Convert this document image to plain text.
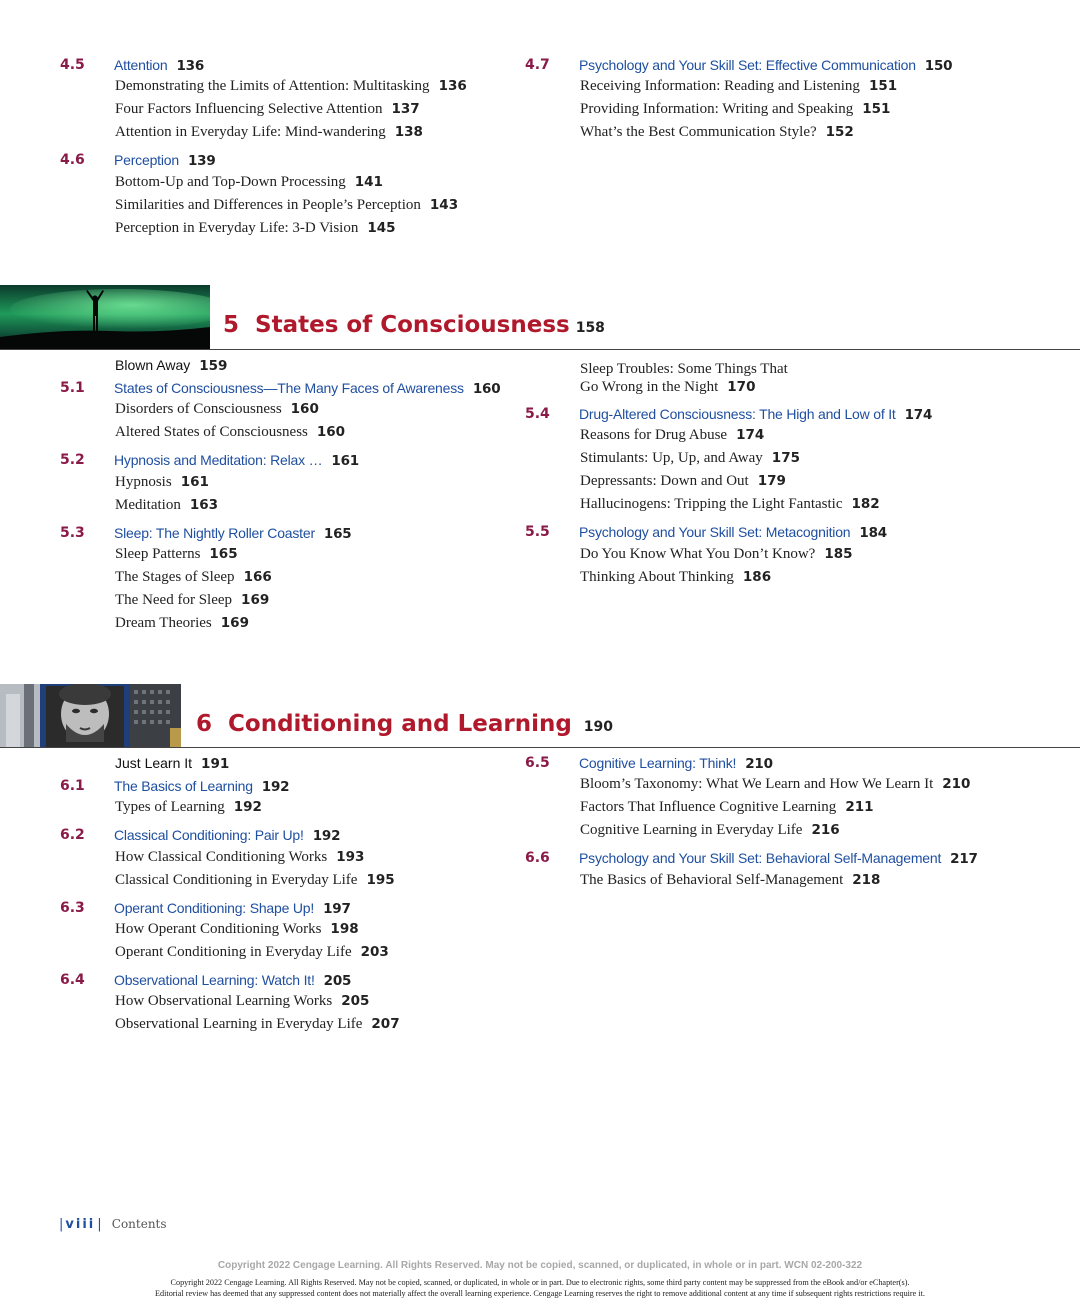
4.5 Attention 136
Demonstrating the Limits of Attention: Multitasking 136
Four Factors Influencing Selective Attention 137
Attention in Everyday Life: Mind-wandering 138
4.6 Perception 139
Bottom-Up and Top-Down Processing 141
Similarities and Differences in People’s Perception 143
Perception in Everyday Life: 3-D Vision 145
4.7 Psychology and Your Skill Set: Effective Communication 150
Receiving Information: Reading and Listening 151
Providing Information: Writing and Speaking 151
What’s the Best Communication Style? 152
5 States of Consciousness 158
Blown Away 159
5.1 States of Consciousness—The Many Faces of Awareness 160
Disorders of Consciousness 160
Altered States of Consciousness 160
5.2 Hypnosis and Meditation: Relax … 161
Hypnosis 161
Meditation 163
5.3 Sleep: The Nightly Roller Coaster 165
Sleep Patterns 165
The Stages of Sleep 166
The Need for Sleep 169
Dream Theories 169
Sleep Troubles: Some Things That
Go Wrong in the Night 170
5.4 Drug-Altered Consciousness: The High and Low of It 174
Reasons for Drug Abuse 174
Stimulants: Up, Up, and Away 175
Depressants: Down and Out 179
Hallucinogens: Tripping the Light Fantastic 182
5.5 Psychology and Your Skill Set: Metacognition 184
Do You Know What You Don’t Know? 185
Thinking About Thinking 186
6 Conditioning and Learning 190
Just Learn It 191
6.1 The Basics of Learning 192
Types of Learning 192
6.2 Classical Conditioning: Pair Up! 192
How Classical Conditioning Works 193
Classical Conditioning in Everyday Life 195
6.3 Operant Conditioning: Shape Up! 197
How Operant Conditioning Works 198
Operant Conditioning in Everyday Life 203
6.4 Observational Learning: Watch It! 205
How Observational Learning Works 205
Observational Learning in Everyday Life 207
6.5 Cognitive Learning: Think! 210
Bloom’s Taxonomy: What We Learn and How We Learn It 210
Factors That Influence Cognitive Learning 211
Cognitive Learning in Everyday Life 216
6.6 Psychology and Your Skill Set: Behavioral Self-Management 217
The Basics of Behavioral Self-Management 218
| viii | Contents
Copyright 2022 Cengage Learning. All Rights Reserved. May not be copied, scanned, or duplicated, in whole or in part. WCN 02-200-322
Copyright 2022 Cengage Learning. All Rights Reserved. May not be copied, scanned, or duplicated, in whole or in part. Due to electronic rights, some third party content may be suppressed from the eBook and/or eChapter(s).
Editorial review has deemed that any suppressed content does not materially affect the overall learning experience. Cengage Learning reserves the right to remove additional content at any time if subsequent rights restrictions require it.
